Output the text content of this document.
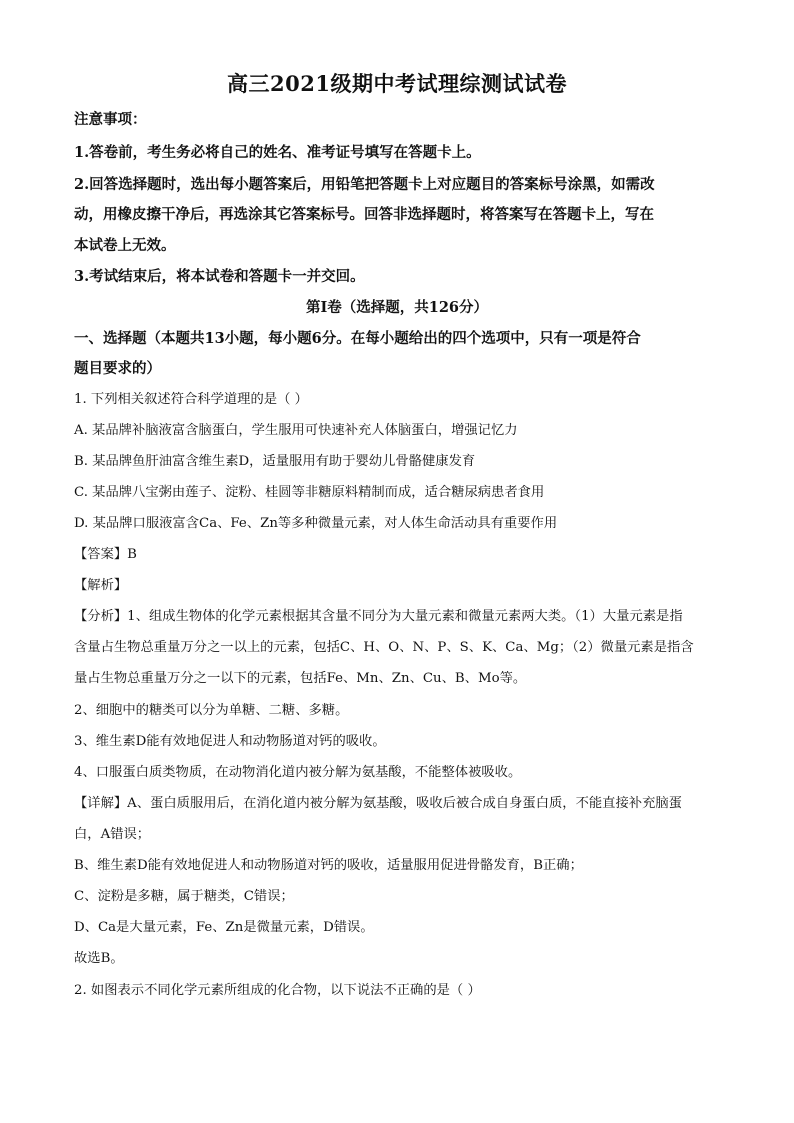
高三2021级期中考试理综测试试卷
注意事项：
1.答卷前，考生务必将自己的姓名、准考证号填写在答题卡上。
2.回答选择题时，选出每小题答案后，用铅笔把答题卡上对应题目的答案标号涂黑，如需改
动，用橡皮擦干净后，再选涂其它答案标号。回答非选择题时，将答案写在答题卡上，写在
本试卷上无效。
3.考试结束后，将本试卷和答题卡一并交回。
第I卷（选择题，共126分）
一、选择题（本题共13小题，每小题6分。在每小题给出的四个选项中，只有一项是符合
题目要求的）
1. 下列相关叙述符合科学道理的是（ ）
A. 某品牌补脑液富含脑蛋白，学生服用可快速补充人体脑蛋白，增强记忆力
B. 某品牌鱼肝油富含维生素D，适量服用有助于婴幼儿骨骼健康发育
C. 某品牌八宝粥由莲子、淀粉、桂圆等非糖原料精制而成，适合糖尿病患者食用
D. 某品牌口服液富含Ca、Fe、Zn等多种微量元素，对人体生命活动具有重要作用
【答案】B
【解析】
【分析】1、组成生物体的化学元素根据其含量不同分为大量元素和微量元素两大类。（1）大量元素是指
含量占生物总重量万分之一以上的元素，包括C、H、O、N、P、S、K、Ca、Mg；（2）微量元素是指含
量占生物总重量万分之一以下的元素，包括Fe、Mn、Zn、Cu、B、Mo等。
2、细胞中的糖类可以分为单糖、二糖、多糖。
3、维生素D能有效地促进人和动物肠道对钙的吸收。
4、口服蛋白质类物质，在动物消化道内被分解为氨基酸，不能整体被吸收。
【详解】A、蛋白质服用后，在消化道内被分解为氨基酸，吸收后被合成自身蛋白质，不能直接补充脑蛋
白，A错误；
B、维生素D能有效地促进人和动物肠道对钙的吸收，适量服用促进骨骼发育，B正确；
C、淀粉是多糖，属于糖类，C错误；
D、Ca是大量元素，Fe、Zn是微量元素，D错误。
故选B。
2. 如图表示不同化学元素所组成的化合物，以下说法不正确的是（ ）
